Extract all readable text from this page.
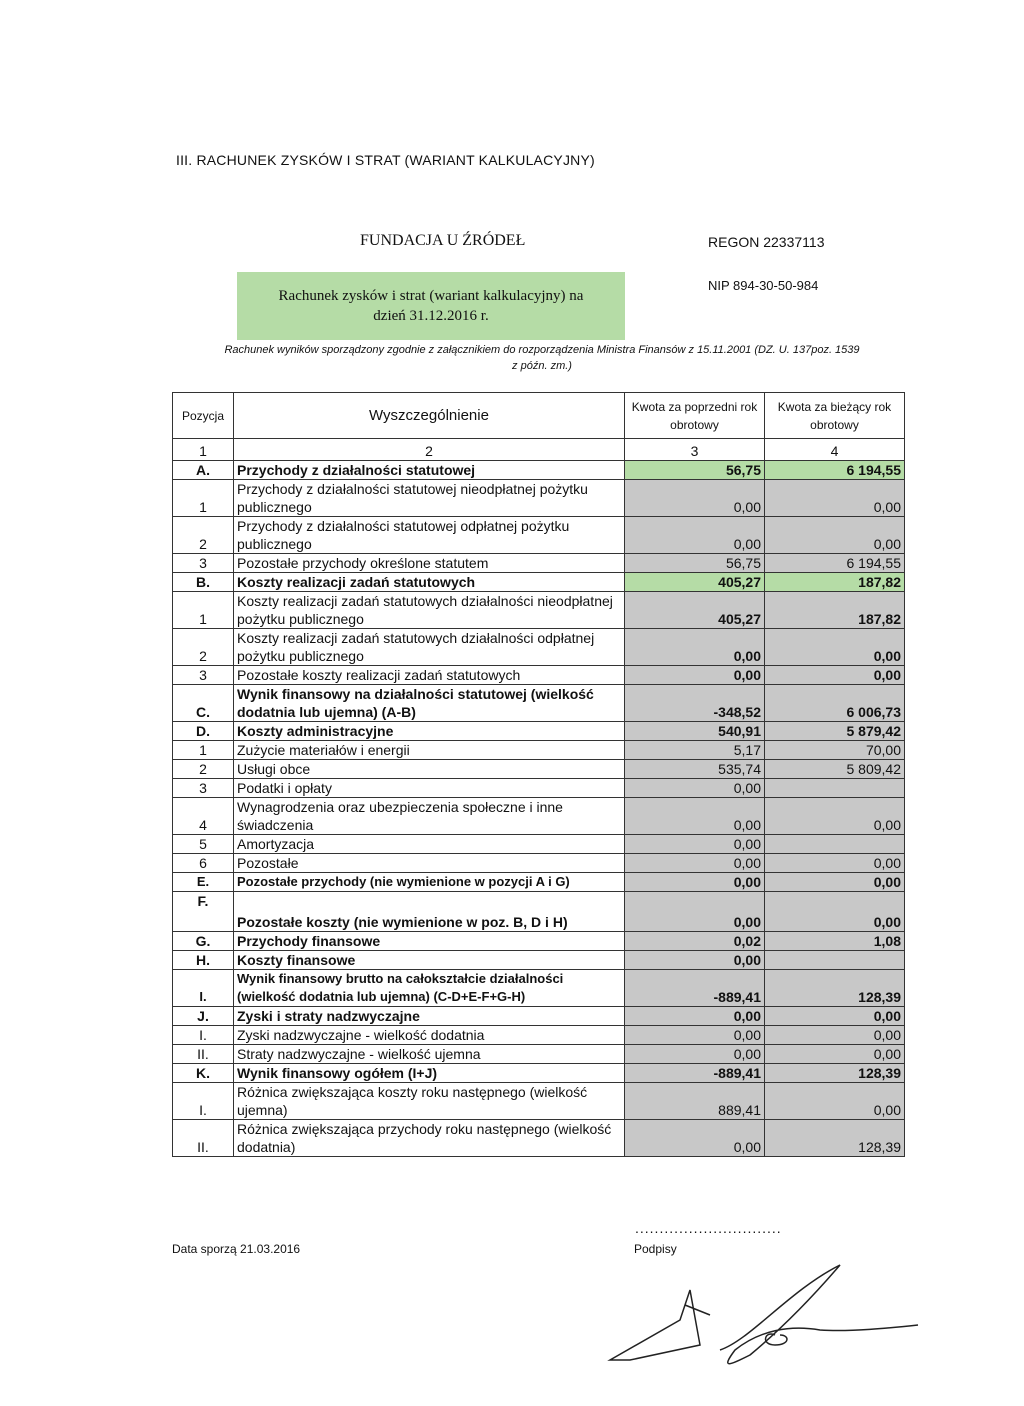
III. RACHUNEK ZYSKÓW I STRAT (WARIANT KALKULACYJNY)
FUNDACJA U ŹRÓDEŁ	REGON 22337113
NIP 894-30-50-984
Rachunek zysków i strat (wariant kalkulacyjny) na
dzień 31.12.2016 r.
Rachunek wyników sporządzony zgodnie z załącznikiem do rozporządzenia Ministra Finansów z 15.11.2001 (DZ. U. 137poz. 1539
z późn. zm.)
Pozycja	Wyszczególnienie	Kwota za poprzedni rok obrotowy	Kwota za bieżący rok obrotowy
1	2	3	4
A.	Przychody z działalności statutowej	56,75	6 194,55
1	Przychody z działalności statutowej nieodpłatnej pożytku publicznego	0,00	0,00
2	Przychody z działalności statutowej odpłatnej pożytku publicznego	0,00	0,00
3	Pozostałe przychody określone statutem	56,75	6 194,55
B.	Koszty realizacji zadań statutowych	405,27	187,82
1	Koszty realizacji zadań statutowych działalności nieodpłatnej pożytku publicznego	405,27	187,82
2	Koszty realizacji zadań statutowych działalności odpłatnej pożytku publicznego	0,00	0,00
3	Pozostałe koszty realizacji zadań statutowych	0,00	0,00
C.	Wynik finansowy na działalności statutowej (wielkość dodatnia lub ujemna) (A-B)	-348,52	6 006,73
D.	Koszty administracyjne	540,91	5 879,42
1	Zużycie materiałów i energii	5,17	70,00
2	Usługi obce	535,74	5 809,42
3	Podatki i opłaty	0,00	
4	Wynagrodzenia oraz ubezpieczenia społeczne i inne świadczenia	0,00	0,00
5	Amortyzacja	0,00	
6	Pozostałe	0,00	0,00
E.	Pozostałe przychody (nie wymienione w pozycji A i G)	0,00	0,00
F.	Pozostałe koszty (nie wymienione w poz. B, D i H)	0,00	0,00
G.	Przychody finansowe	0,02	1,08
H.	Koszty finansowe	0,00	
I.	Wynik finansowy brutto na całokształcie działalności (wielkość dodatnia lub ujemna) (C-D+E-F+G-H)	-889,41	128,39
J.	Zyski i straty nadzwyczajne	0,00	0,00
I.	Zyski nadzwyczajne - wielkość dodatnia	0,00	0,00
II.	Straty nadzwyczajne - wielkość ujemna	0,00	0,00
K.	Wynik finansowy ogółem (I+J)	-889,41	128,39
I.	Różnica zwiększająca koszty roku następnego (wielkość ujemna)	889,41	0,00
II.	Różnica zwiększająca przychody roku następnego (wielkość dodatnia)	0,00	128,39
Data sporzą 21.03.2016
..............................
Podpisy
